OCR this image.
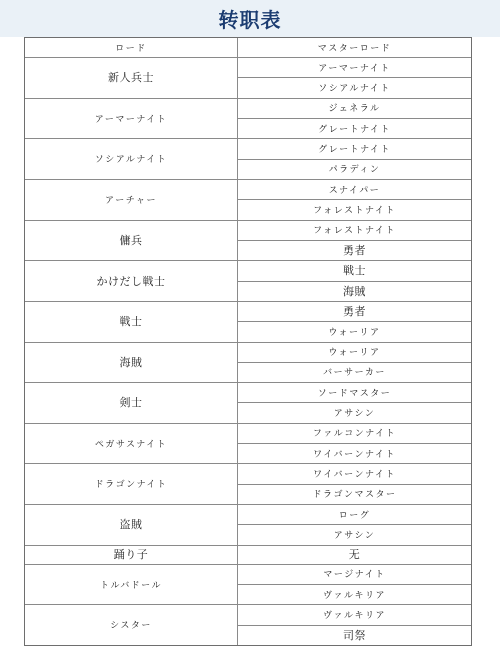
转职表
ロード	マスターロード
新人兵士
アーマーナイト
ソシアルナイト
アーマーナイト
ジェネラル
グレートナイト
ソシアルナイト
グレートナイト
パラディン
アーチャー
スナイパー
フォレストナイト
傭兵
フォレストナイト
勇者
かけだし戦士
戦士
海賊
戦士
勇者
ウォーリア
海賊
ウォーリア
バーサーカー
剣士
ソードマスター
アサシン
ペガサスナイト
ファルコンナイト
ワイバーンナイト
ドラゴンナイト
ワイバーンナイト
ドラゴンマスター
盗賊
ローグ
アサシン
踊り子	无
トルバドール
マージナイト
ヴァルキリア
シスター
ヴァルキリア
司祭
